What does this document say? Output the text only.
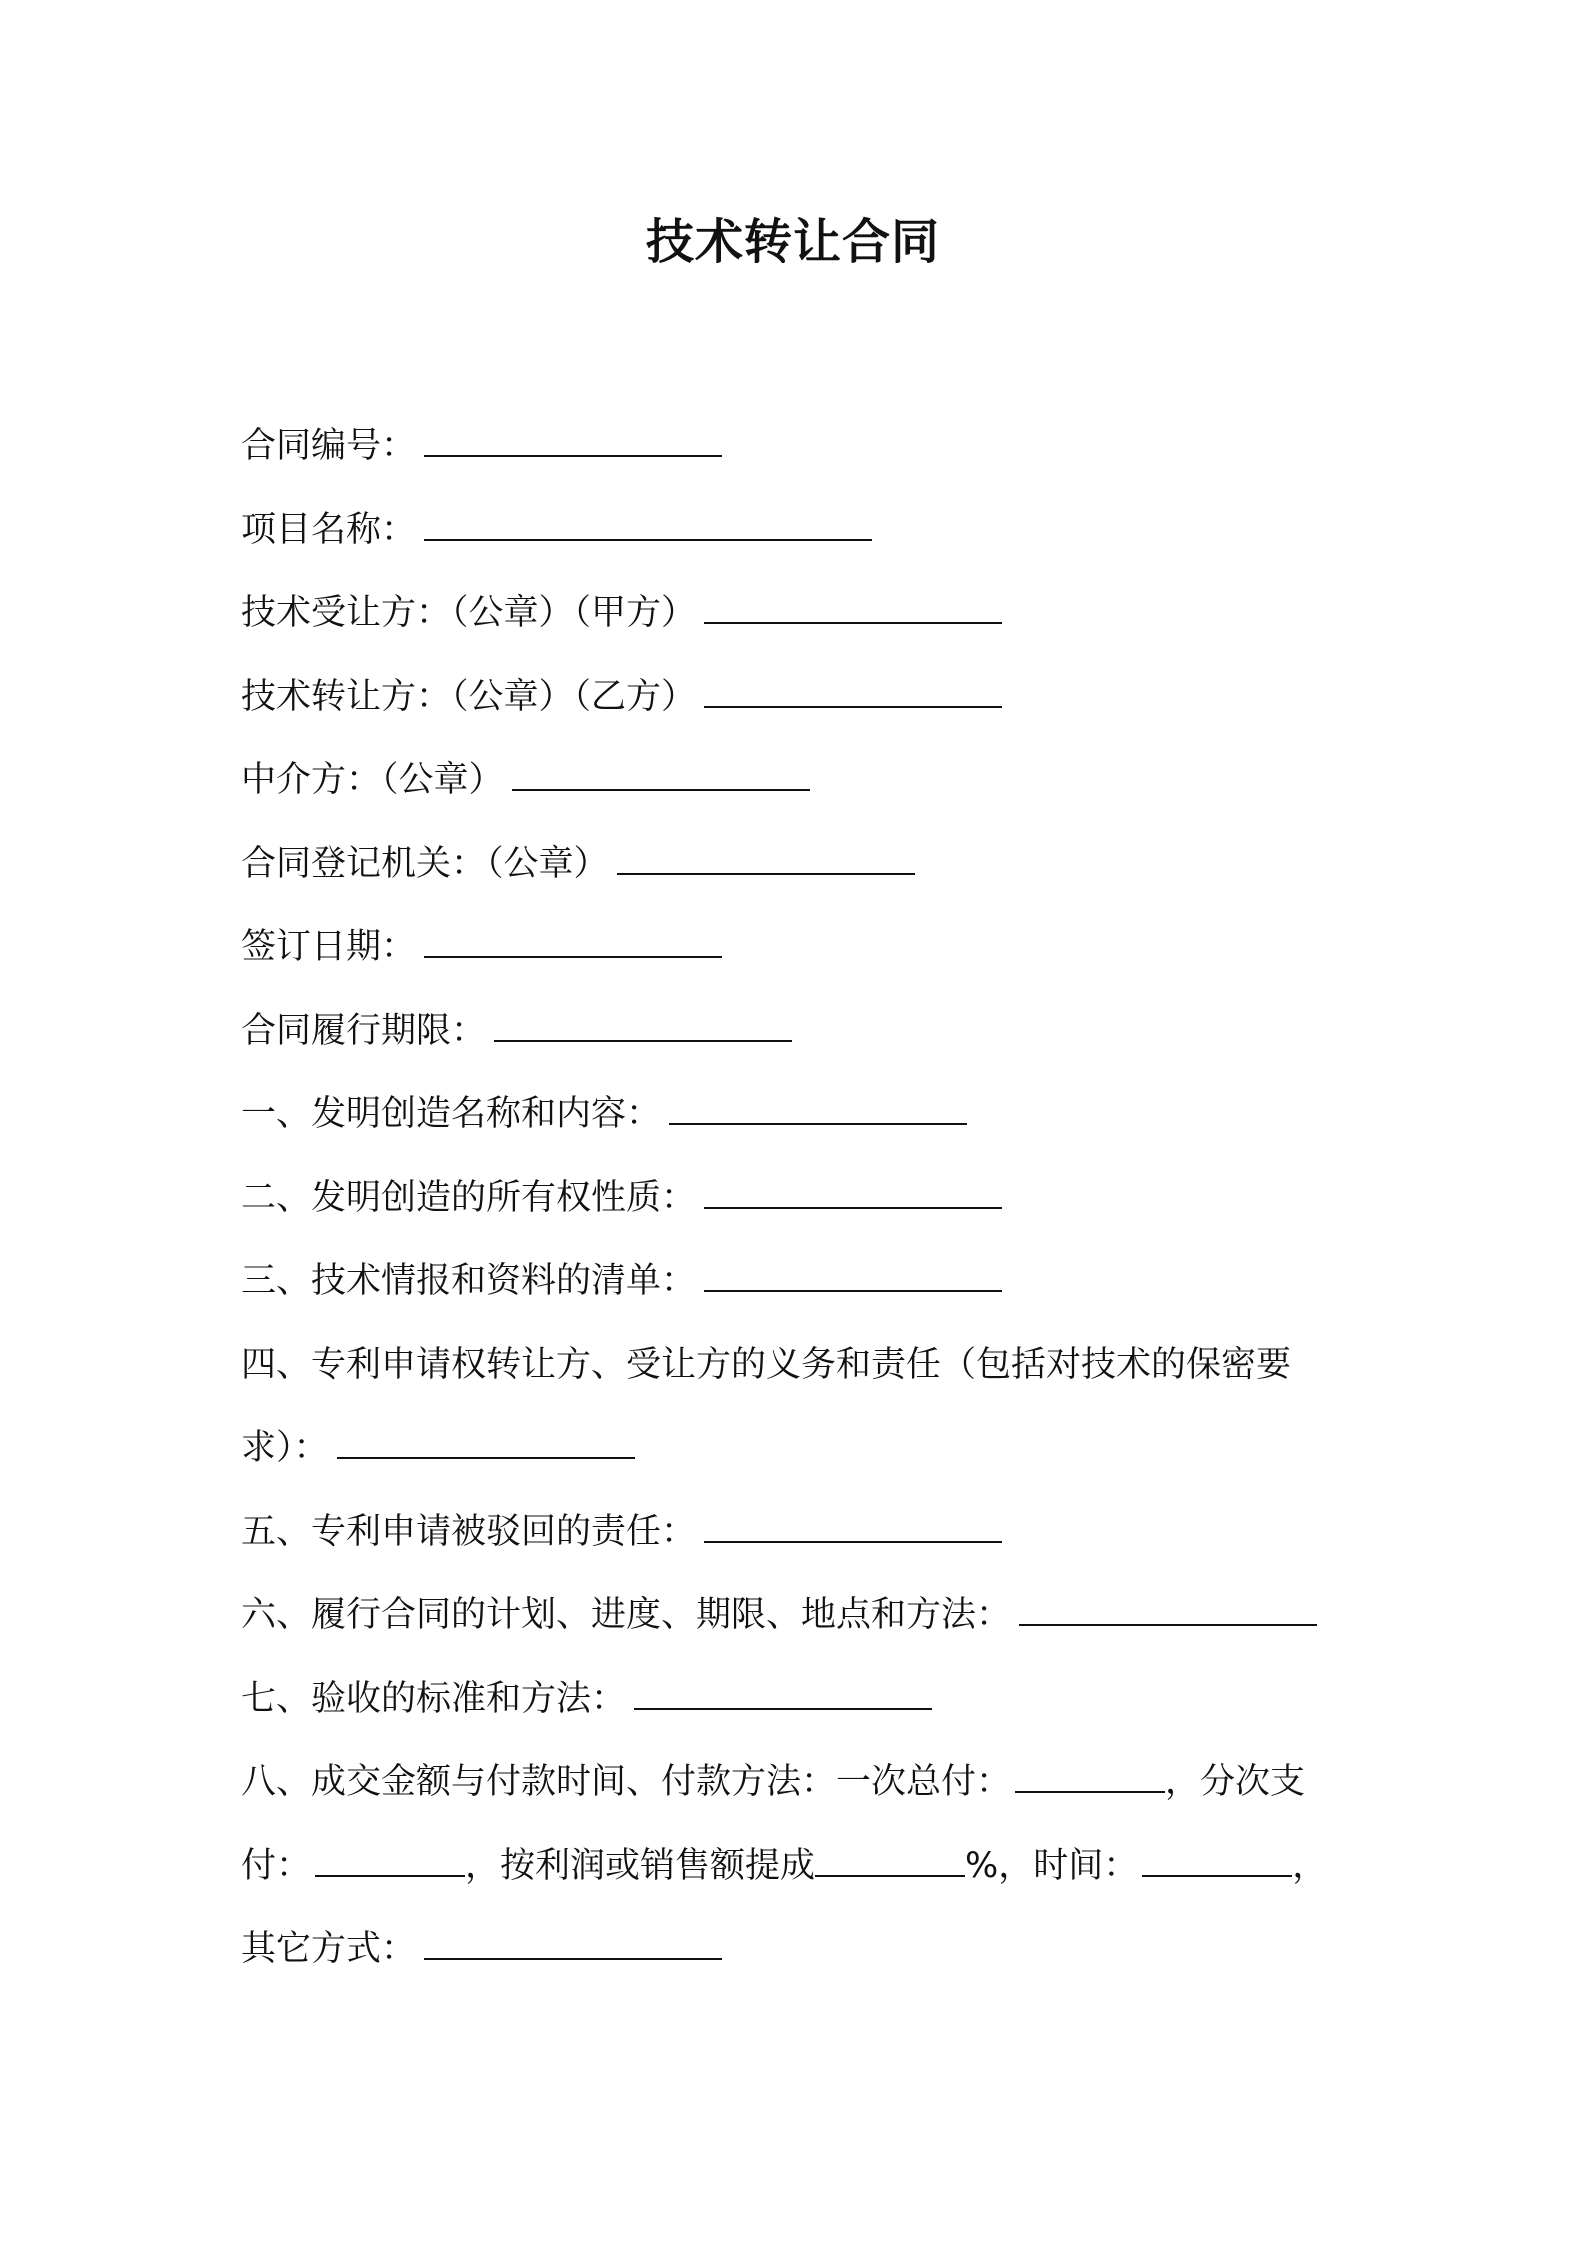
技术转让合同
合同编号：
项目名称：
技术受让方：（公章）（甲方）
技术转让方：（公章）（乙方）
中介方：（公章）
合同登记机关：（公章）
签订日期：
合同履行期限：
一、发明创造名称和内容：
二、发明创造的所有权性质：
三、技术情报和资料的清单：
四、专利申请权转让方、受让方的义务和责任（包括对技术的保密要
求）：
五、专利申请被驳回的责任：
六、履行合同的计划、进度、期限、地点和方法：
七、验收的标准和方法：
八、成交金额与付款时间、付款方法：一次总付：	，分次支
付：	，按利润或销售额提成	%，时间：	，
其它方式：
